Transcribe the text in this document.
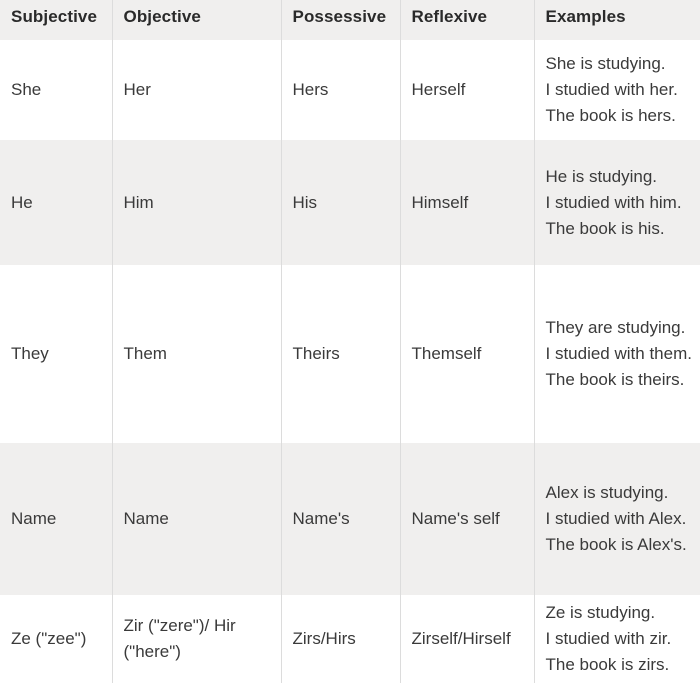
Subjective	Objective	Possessive	Reflexive	Examples
She	Her	Hers	Herself	She is studying.
I studied with her.
The book is hers.

He	Him	His	Himself	He is studying.
I studied with him.
The book is his.

They	Them	Theirs	Themself	They are studying.
I studied with them.
The book is theirs.

Name	Name	Name's	Name's self	Alex is studying.
I studied with Alex.
The book is Alex's.

Ze ("zee")	Zir ("zere")/ Hir ("here")	Zirs/Hirs	Zirself/Hirself	Ze is studying.
I studied with zir.
The book is zirs.
